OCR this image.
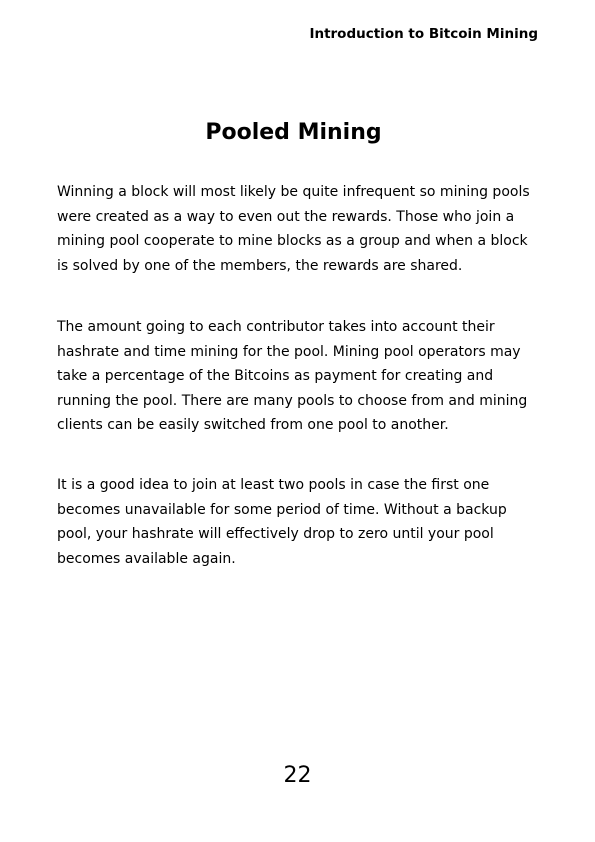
Introduction to Bitcoin Mining
Pooled Mining

Winning a block will most likely be quite infrequent so mining pools were created as a way to even out the rewards. Those who join a mining pool cooperate to mine blocks as a group and when a block is solved by one of the members, the rewards are shared.

The amount going to each contributor takes into account their hashrate and time mining for the pool. Mining pool operators may take a percentage of the Bitcoins as payment for creating and running the pool. There are many pools to choose from and mining clients can be easily switched from one pool to another.

It is a good idea to join at least two pools in case the first one becomes unavailable for some period of time. Without a backup pool, your hashrate will effectively drop to zero until your pool becomes available again.

22
